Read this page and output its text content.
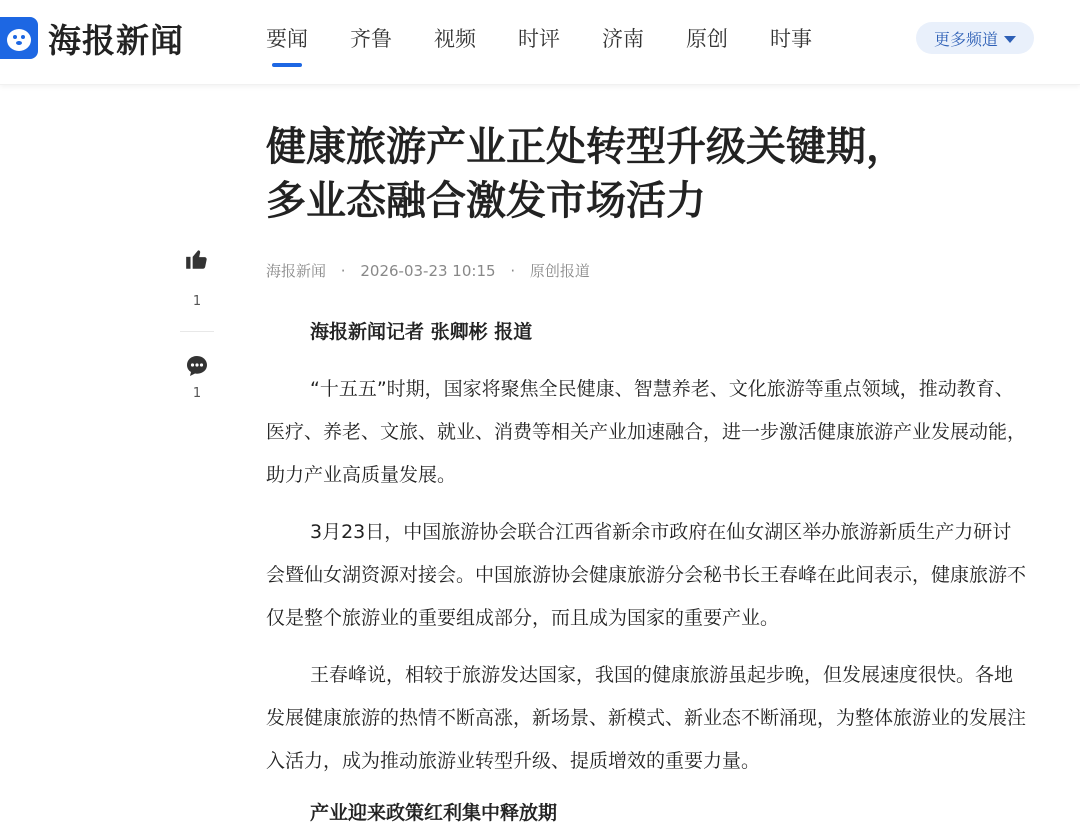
海报新闻	要闻 齐鲁 视频 时评 济南 原创 时事	更多频道
1
1
健康旅游产业正处转型升级关键期，
多业态融合激发市场活力
海报新闻 · 2026-03-23 10:15 · 原创报道

海报新闻记者 张卿彬 报道

“十五五”时期，国家将聚焦全民健康、智慧养老、文化旅游等重点领域，推动教育、医疗、养老、文旅、就业、消费等相关产业加速融合，进一步激活健康旅游产业发展动能，助力产业高质量发展。

3月23日，中国旅游协会联合江西省新余市政府在仙女湖区举办旅游新质生产力研讨会暨仙女湖资源对接会。中国旅游协会健康旅游分会秘书长王春峰在此间表示，健康旅游不仅是整个旅游业的重要组成部分，而且成为国家的重要产业。

王春峰说，相较于旅游发达国家，我国的健康旅游虽起步晚，但发展速度很快。各地发展健康旅游的热情不断高涨，新场景、新模式、新业态不断涌现，为整体旅游业的发展注入活力，成为推动旅游业转型升级、提质增效的重要力量。

产业迎来政策红利集中释放期
